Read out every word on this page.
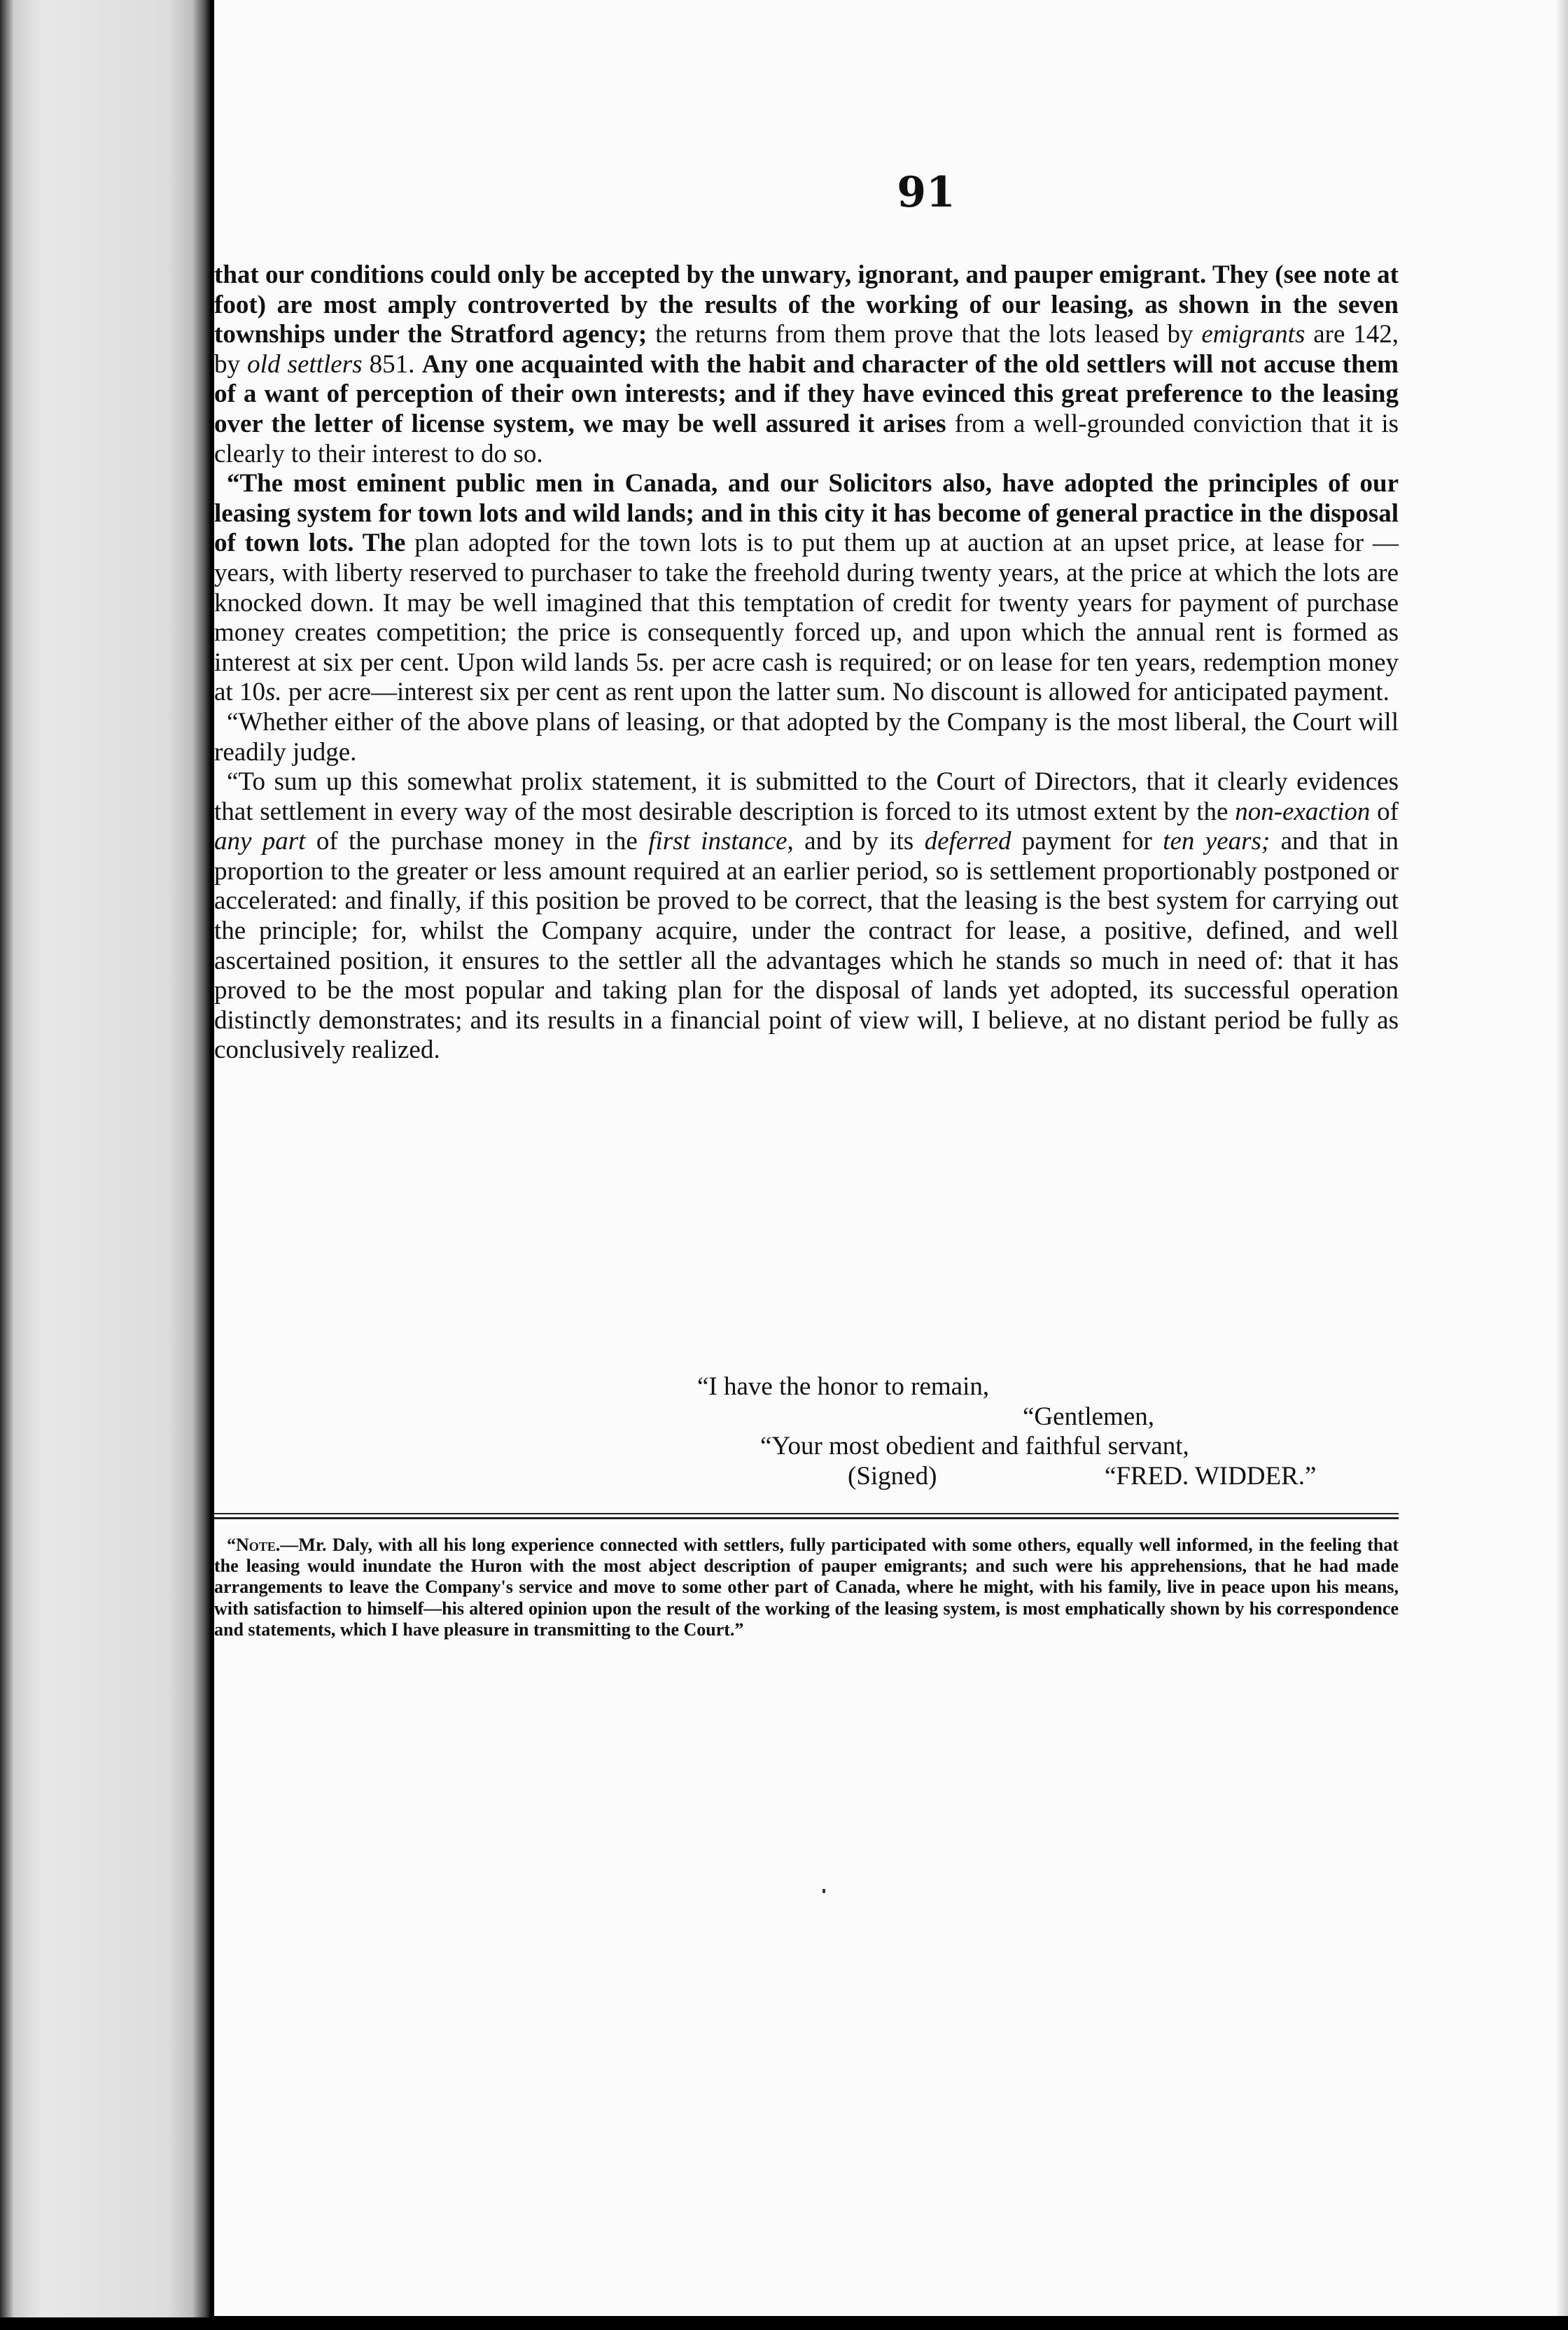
91

that our conditions could only be accepted by the unwary, ignorant, and pauper emigrant. They (see note at foot) are most amply controverted by the results of the working of our leasing, as shown in the seven townships under the Stratford agency; the returns from them prove that the lots leased by emigrants are 142, by old settlers 851. Any one acquainted with the habit and character of the old settlers will not accuse them of a want of perception of their own interests; and if they have evinced this great preference to the leasing over the letter of license system, we may be well assured it arises from a well-grounded conviction that it is clearly to their interest to do so.

“The most eminent public men in Canada, and our Solicitors also, have adopted the principles of our leasing system for town lots and wild lands; and in this city it has become of general practice in the disposal of town lots. The plan adopted for the town lots is to put them up at auction at an upset price, at lease for — years, with liberty reserved to purchaser to take the freehold during twenty years, at the price at which the lots are knocked down. It may be well imagined that this temptation of credit for twenty years for payment of purchase money creates competition; the price is consequently forced up, and upon which the annual rent is formed as interest at six per cent. Upon wild lands 5s. per acre cash is required; or on lease for ten years, redemption money at 10s. per acre—interest six per cent as rent upon the latter sum. No discount is allowed for anticipated payment.

“Whether either of the above plans of leasing, or that adopted by the Company is the most liberal, the Court will readily judge.

“To sum up this somewhat prolix statement, it is submitted to the Court of Directors, that it clearly evidences that settlement in every way of the most desirable description is forced to its utmost extent by the non-exaction of any part of the purchase money in the first instance, and by its deferred payment for ten years; and that in proportion to the greater or less amount required at an earlier period, so is settlement proportionably postponed or accelerated: and finally, if this position be proved to be correct, that the leasing is the best system for carrying out the principle; for, whilst the Company acquire, under the contract for lease, a positive, defined, and well ascertained position, it ensures to the settler all the advantages which he stands so much in need of: that it has proved to be the most popular and taking plan for the disposal of lands yet adopted, its successful operation distinctly demonstrates; and its results in a financial point of view will, I believe, at no distant period be fully as conclusively realized.

“I have the honor to remain,
“Gentlemen,
“Your most obedient and faithful servant,
(Signed)	“FRED. WIDDER.”

“Note.—Mr. Daly, with all his long experience connected with settlers, fully participated with some others, equally well informed, in the feeling that the leasing would inundate the Huron with the most abject description of pauper emigrants; and such were his apprehensions, that he had made arrangements to leave the Company's service and move to some other part of Canada, where he might, with his family, live in peace upon his means, with satisfaction to himself—his altered opinion upon the result of the working of the leasing system, is most emphatically shown by his correspondence and statements, which I have pleasure in transmitting to the Court.”
